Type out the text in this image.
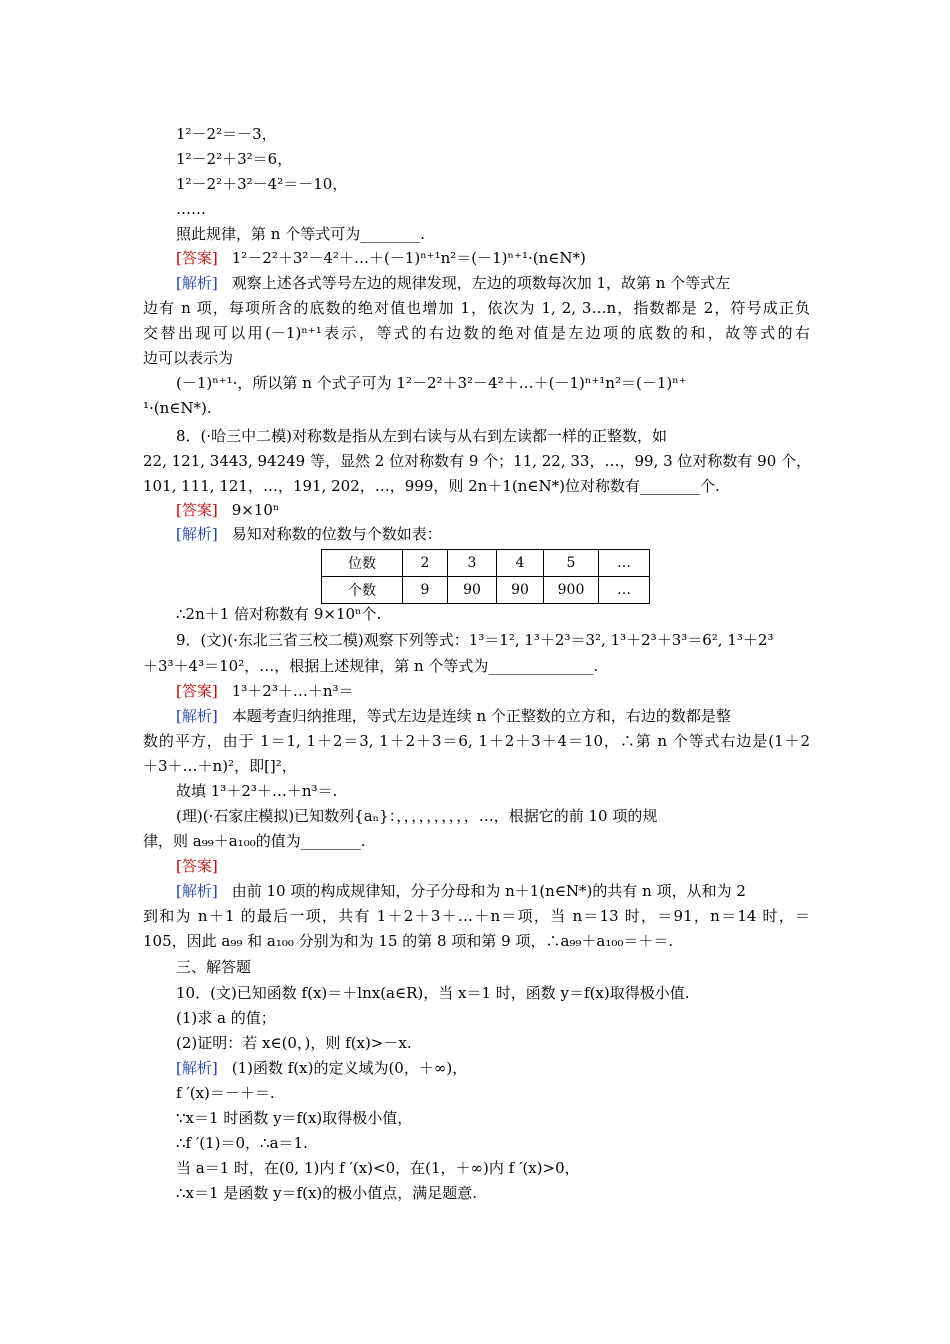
1²－2²＝－3，
1²－2²＋3²＝6，
1²－2²＋3²－4²＝－10，
……
照此规律，第 n 个等式可为________.
[答案] 1²－2²＋3²－4²＋…＋(－1)ⁿ⁺¹n²＝(－1)ⁿ⁺¹·(n∈N*)
[解析] 观察上述各式等号左边的规律发现，左边的项数每次加 1，故第 n 个等式左
边有 n 项，每项所含的底数的绝对值也增加 1，依次为 1, 2, 3…n，指数都是 2，符号成正负
交替出现可以用(－1)ⁿ⁺¹表示，等式的右边数的绝对值是左边项的底数的和，故等式的右
边可以表示为
(－1)ⁿ⁺¹·，所以第 n 个式子可为 1²－2²＋3²－4²＋…＋(－1)ⁿ⁺¹n²＝(－1)ⁿ⁺
¹·(n∈N*).
8．(·哈三中二模)对称数是指从左到右读与从右到左读都一样的正整数，如
22, 121, 3443, 94249 等，显然 2 位对称数有 9 个；11, 22, 33，…，99, 3 位对称数有 90 个，
101, 111, 121，…，191, 202，…，999，则 2n＋1(n∈N*)位对称数有________个.
[答案] 9×10ⁿ
[解析] 易知对称数的位数与个数如表：
位数	2	3	4	5	…
个数	9	90	90	900	…
∴2n＋1 倍对称数有 9×10ⁿ个.
9．(文)(·东北三省三校二模)观察下列等式：1³＝1², 1³＋2³＝3², 1³＋2³＋3³＝6², 1³＋2³
＋3³＋4³＝10²，…，根据上述规律，第 n 个等式为______________.
[答案] 1³＋2³＋…＋n³＝
[解析] 本题考查归纳推理，等式左边是连续 n 个正整数的立方和，右边的数都是整
数的平方，由于 1＝1, 1＋2＝3, 1＋2＋3＝6, 1＋2＋3＋4＝10，∴第 n 个等式右边是(1＋2
＋3＋…＋n)²，即[]²，
故填 1³＋2³＋…＋n³＝.
(理)(·石家庄模拟)已知数列{aₙ}：，，，，，，，，，，…，根据它的前 10 项的规
律，则 a₉₉＋a₁₀₀的值为________.
[答案]
[解析] 由前 10 项的构成规律知，分子分母和为 n＋1(n∈N*)的共有 n 项，从和为 2
到和为 n＋1 的最后一项，共有 1＋2＋3＋…＋n＝项，当 n＝13 时，＝91，n＝14 时，＝
105，因此 a₉₉ 和 a₁₀₀ 分别为和为 15 的第 8 项和第 9 项，∴a₉₉＋a₁₀₀＝＋＝.
三、解答题
10．(文)已知函数 f(x)＝＋lnx(a∈R)，当 x＝1 时，函数 y＝f(x)取得极小值.
(1)求 a 的值；
(2)证明：若 x∈(0，)，则 f(x)>－x.
[解析] (1)函数 f(x)的定义域为(0，＋∞)，
f ′(x)＝－＋＝.
∵x＝1 时函数 y＝f(x)取得极小值，
∴f ′(1)＝0，∴a＝1.
当 a＝1 时，在(0, 1)内 f ′(x)<0，在(1，＋∞)内 f ′(x)>0，
∴x＝1 是函数 y＝f(x)的极小值点，满足题意.
